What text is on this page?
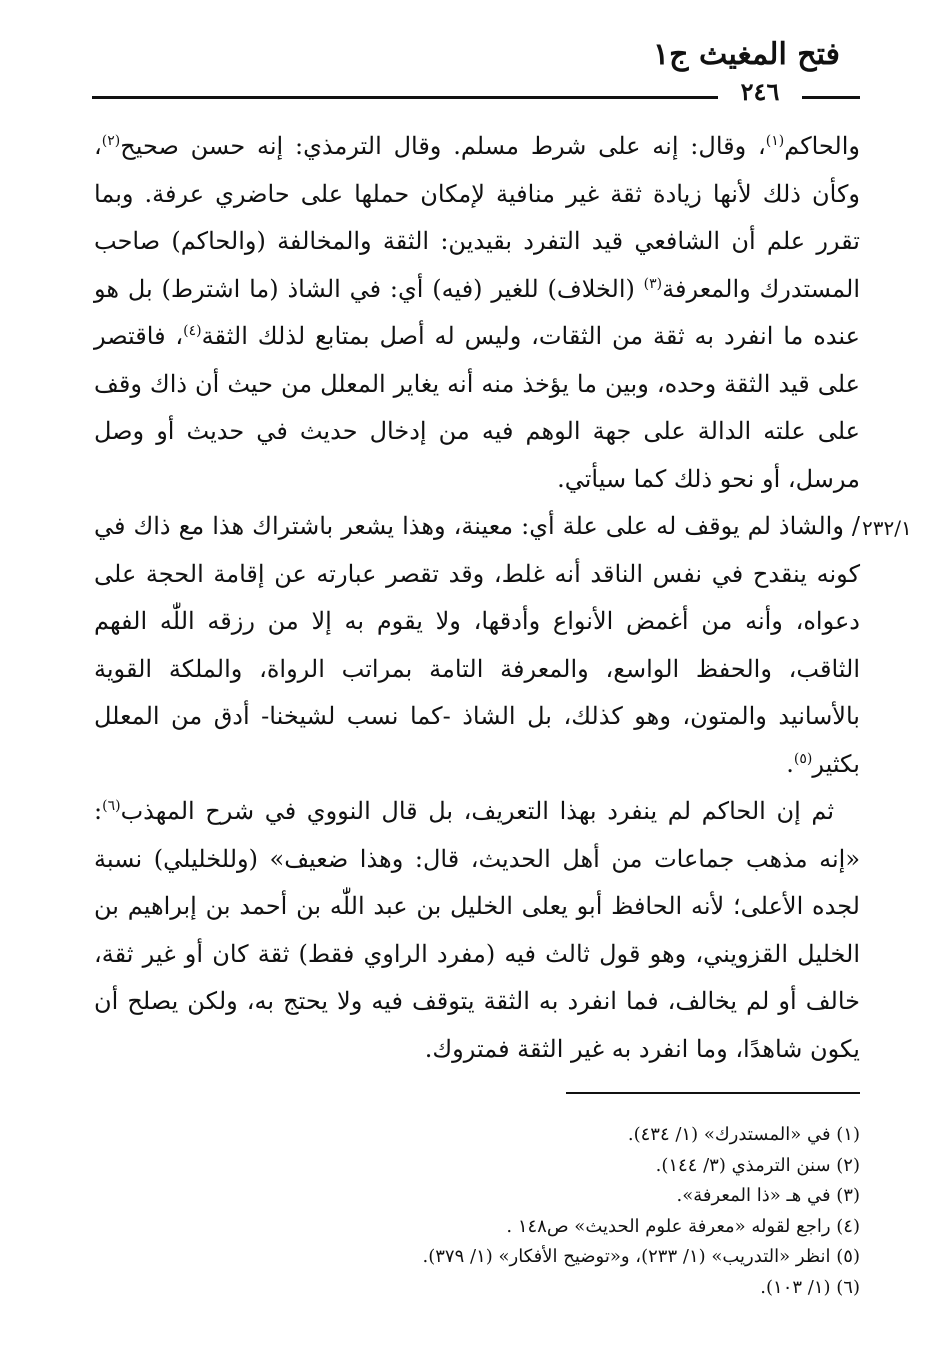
فتح المغيث ج١
٢٤٦
٢٣٢/١

والحاكم$^{(١)}$، وقال: إنه على شرط مسلم. وقال الترمذي: إنه حسن صحيح$^{(٢)}$، وكأن ذلك لأنها زيادة ثقة غير منافية لإمكان حملها على حاضري عرفة. وبما تقرر علم أن الشافعي قيد التفرد بقيدين: الثقة والمخالفة (والحاكم) صاحب المستدرك والمعرفة$^{(٣)}$ (الخلاف) للغير (فيه) أي: في الشاذ (ما اشترط) بل هو عنده ما انفرد به ثقة من الثقات، وليس له أصل بمتابع لذلك الثقة$^{(٤)}$، فاقتصر على قيد الثقة وحده، وبين ما يؤخذ منه أنه يغاير المعلل من حيث أن ذاك وقف على علته الدالة على جهة الوهم فيه من إدخال حديث في حديث أو وصل مرسل، أو نحو ذلك كما سيأتي.

/ والشاذ لم يوقف له على علة أي: معينة، وهذا يشعر باشتراك هذا مع ذاك في كونه ينقدح في نفس الناقد أنه غلط، وقد تقصر عبارته عن إقامة الحجة على دعواه، وأنه من أغمض الأنواع وأدقها، ولا يقوم به إلا من رزقه اللّٰه الفهم الثاقب، والحفظ الواسع، والمعرفة التامة بمراتب الرواة، والملكة القوية بالأسانيد والمتون، وهو كذلك، بل الشاذ -كما نسب لشيخنا- أدق من المعلل بكثير$^{(٥)}$.

ثم إن الحاكم لم ينفرد بهذا التعريف، بل قال النووي في شرح المهذب$^{(٦)}$: «إنه مذهب جماعات من أهل الحديث، قال: وهذا ضعيف» (وللخليلي) نسبة لجده الأعلى؛ لأنه الحافظ أبو يعلى الخليل بن عبد اللّٰه بن أحمد بن إبراهيم بن الخليل القزويني، وهو قول ثالث فيه (مفرد الراوي فقط) ثقة كان أو غير ثقة، خالف أو لم يخالف، فما انفرد به الثقة يتوقف فيه ولا يحتج به، ولكن يصلح أن يكون شاهدًا، وما انفرد به غير الثقة فمتروك.

(١) في «المستدرك» (١/ ٤٣٤).
(٢) سنن الترمذي (٣/ ١٤٤).
(٣) في هـ «ذا المعرفة».
(٤) راجع لقوله «معرفة علوم الحديث» ص١٤٨ .
(٥) انظر «التدريب» (١/ ٢٣٣)، و«توضيح الأفكار» (١/ ٣٧٩).
(٦) (١/ ١٠٣).
